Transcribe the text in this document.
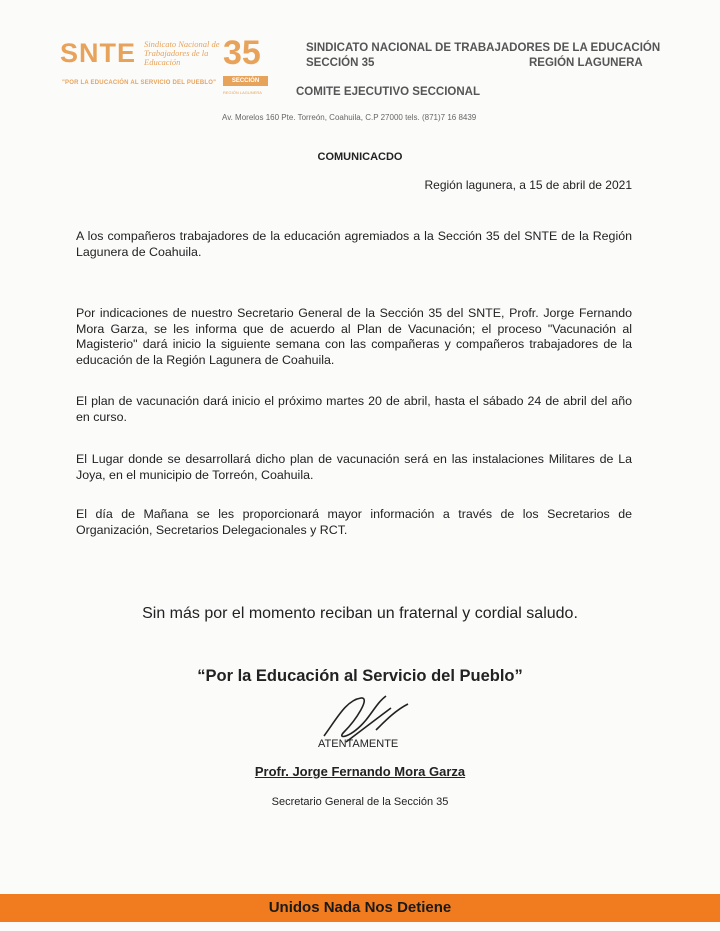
SNTE Sindicato Nacional de Trabajadores de la Educación
"POR LA EDUCACIÓN AL SERVICIO DEL PUEBLO"
35
SECCIÓN
REGIÓN LAGUNERA
SINDICATO NACIONAL DE TRABAJADORES DE LA EDUCACIÓN
SECCIÓN 35	REGIÓN LAGUNERA
COMITE EJECUTIVO SECCIONAL
Av. Morelos 160 Pte. Torreón, Coahuila, C.P 27000 tels. (871)7 16 8439
COMUNICACDO
Región lagunera, a 15 de abril de 2021
A los compañeros trabajadores de la educación agremiados a la Sección 35 del SNTE de la Región Lagunera de Coahuila.
Por indicaciones de nuestro Secretario General de la Sección 35 del SNTE, Profr. Jorge Fernando Mora Garza, se les informa que de acuerdo al Plan de Vacunación; el proceso "Vacunación al Magisterio" dará inicio la siguiente semana con las compañeras y compañeros trabajadores de la educación de la Región Lagunera de Coahuila.
El plan de vacunación dará inicio el próximo martes 20 de abril, hasta el sábado 24 de abril del año en curso.
El Lugar donde se desarrollará dicho plan de vacunación será en las instalaciones Militares de La Joya, en el municipio de Torreón, Coahuila.
El día de Mañana se les proporcionará mayor información a través de los Secretarios de Organización, Secretarios Delegacionales y RCT.
Sin más por el momento reciban un fraternal y cordial saludo.
“Por la Educación al Servicio del Pueblo”
ATENTAMENTE
Profr. Jorge Fernando Mora Garza
Secretario General de la Sección 35
Unidos Nada Nos Detiene
